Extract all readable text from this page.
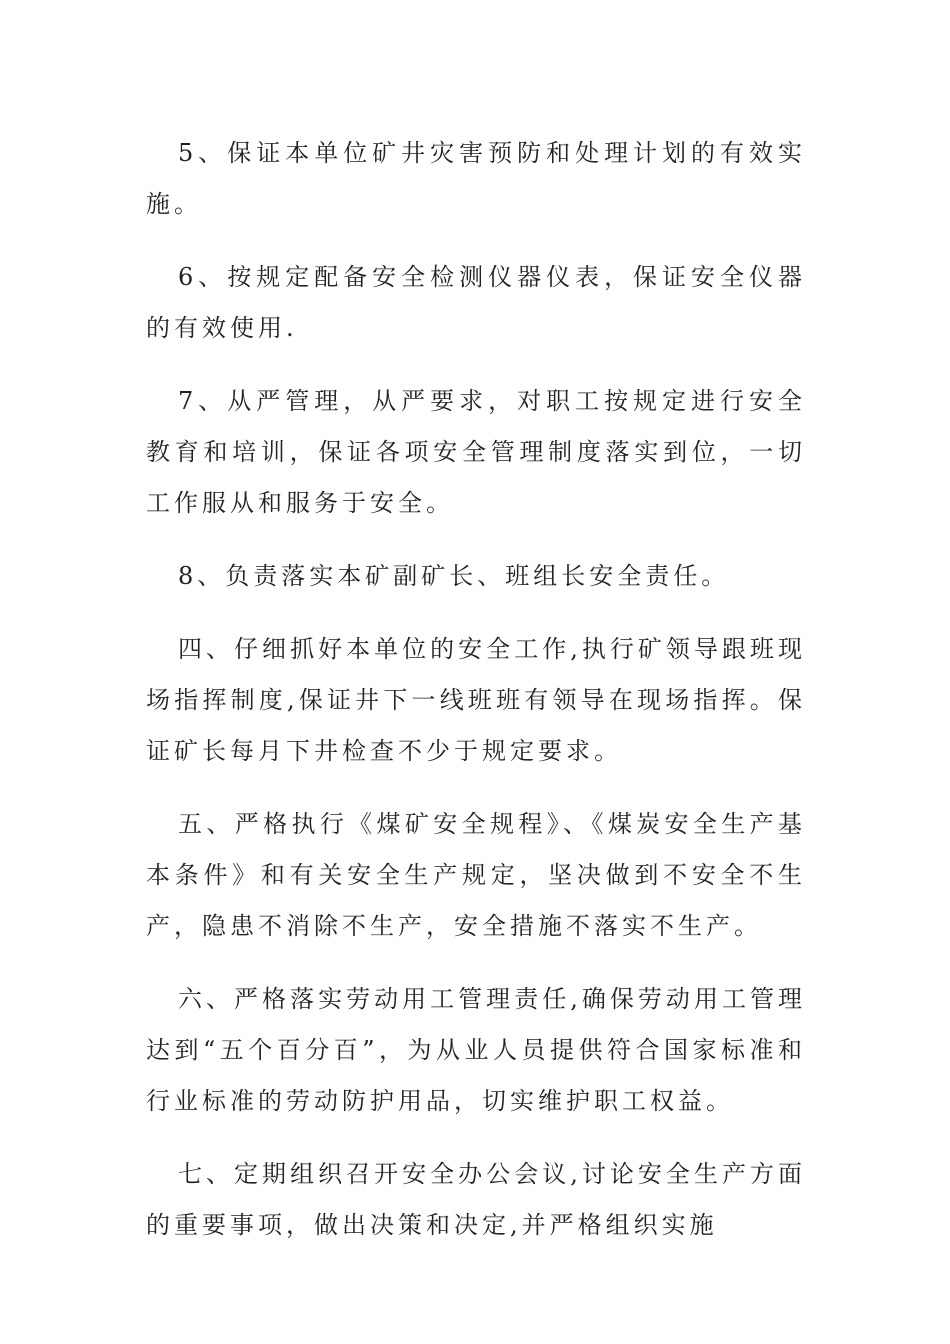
5、保证本单位矿井灾害预防和处理计划的有效实施。

6、按规定配备安全检测仪器仪表，保证安全仪器的有效使用.

7、从严管理，从严要求，对职工按规定进行安全教育和培训，保证各项安全管理制度落实到位，一切工作服从和服务于安全。

8、负责落实本矿副矿长、班组长安全责任。

四、仔细抓好本单位的安全工作,执行矿领导跟班现场指挥制度,保证井下一线班班有领导在现场指挥。保证矿长每月下井检查不少于规定要求。

五、严格执行《煤矿安全规程》、《煤炭安全生产基本条件》和有关安全生产规定，坚决做到不安全不生产，隐患不消除不生产，安全措施不落实不生产。

六、严格落实劳动用工管理责任,确保劳动用工管理达到“五个百分百”，为从业人员提供符合国家标准和行业标准的劳动防护用品，切实维护职工权益。

七、定期组织召开安全办公会议,讨论安全生产方面的重要事项，做出决策和决定,并严格组织实施
